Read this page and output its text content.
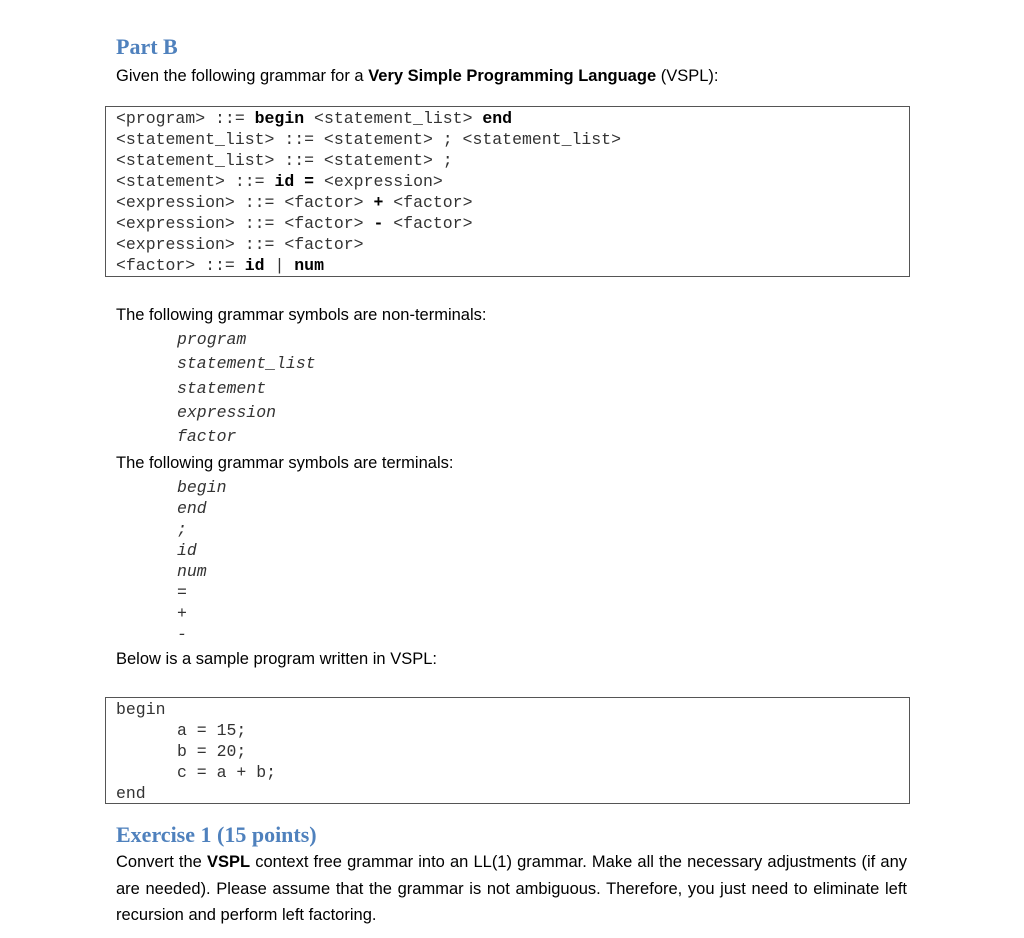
Part B
Given the following grammar for a Very Simple Programming Language (VSPL):
<program> ::= begin <statement_list> end
<statement_list> ::= <statement> ; <statement_list>
<statement_list> ::= <statement> ;
<statement> ::= id = <expression>
<expression> ::= <factor> + <factor>
<expression> ::= <factor> - <factor>
<expression> ::= <factor>
<factor> ::= id | num
The following grammar symbols are non-terminals:
program
statement_list
statement
expression
factor
The following grammar symbols are terminals:
begin
end
;
id
num
=
+
-
Below is a sample program written in VSPL:
begin
a = 15;
b = 20;
c = a + b;
end
Exercise 1 (15 points)
Convert the VSPL context free grammar into an LL(1) grammar. Make all the necessary adjustments (if any are needed). Please assume that the grammar is not ambiguous. Therefore, you just need to eliminate left recursion and perform left factoring.
